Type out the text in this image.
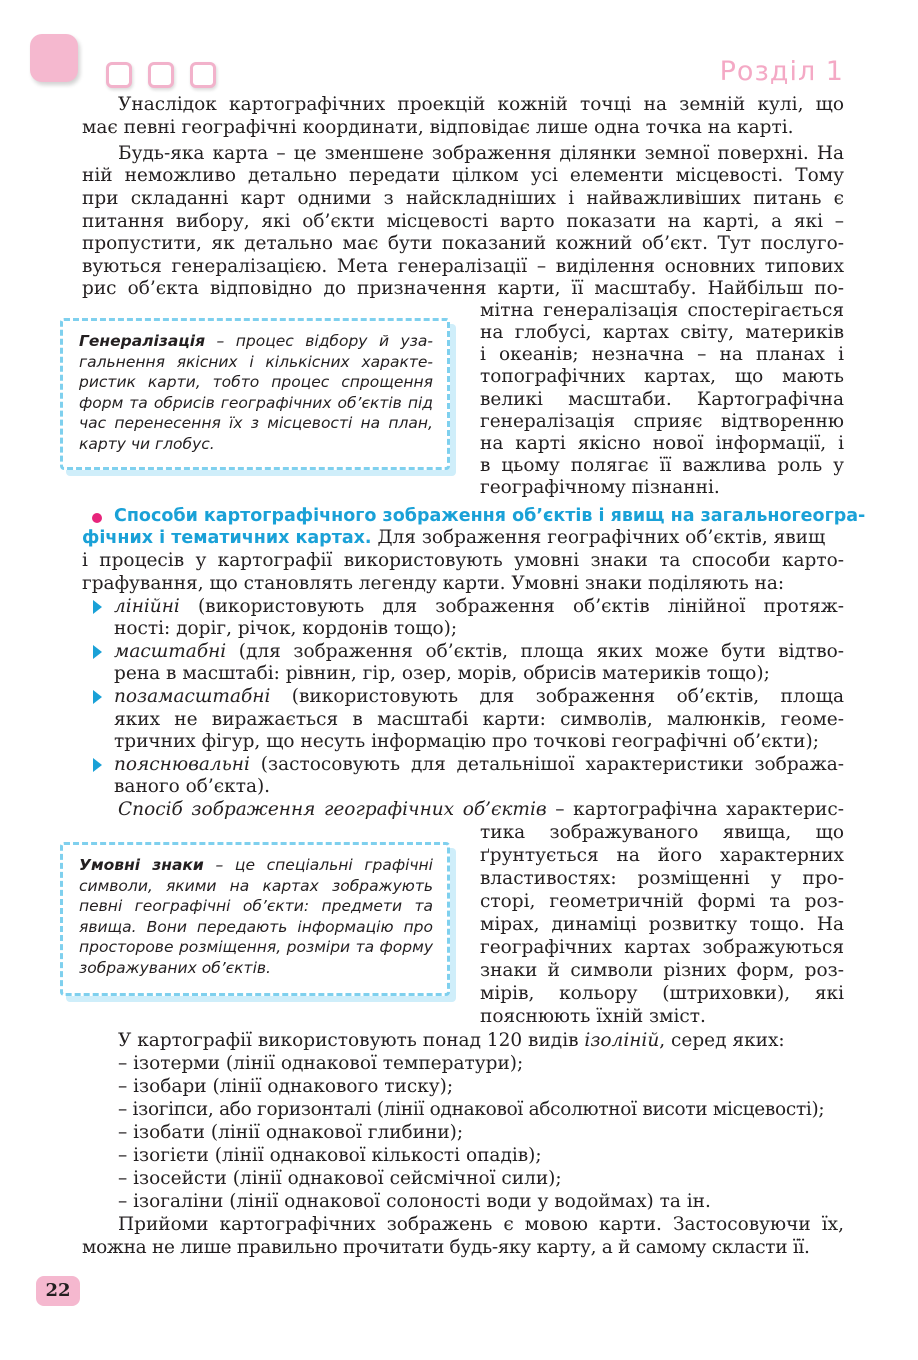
Розділ 1
Унаслідок картографічних проекцій кожній точці на земній кулі, що
має певні географічні координати, відповідає лише одна точка на карті.
Будь-яка карта – це зменшене зображення ділянки земної поверхні. На
ній неможливо детально передати цілком усі елементи місцевості. Тому
при складанні карт одними з найскладніших і найважливіших питань є
питання вибору, які об’єкти місцевості варто показати на карті, а які –
пропустити, як детально має бути показаний кожний об’єкт. Тут послуго-
вуються генералізацією. Мета генералізації – виділення основних типових
рис об’єкта відповідно до призначення карти, її масштабу. Найбільш по-
мітна генералізація спостерігається
на глобусі, картах світу, материків
і океанів; незначна – на планах і
топографічних картах, що мають
великі масштаби. Картографічна
генералізація сприяє відтворенню
на карті якісно нової інформації, і
в цьому полягає її важлива роль у
географічному пізнанні.
Генералізація – процес відбору й узагальнення якісних і кількісних характеристик карти, тобто процес спрощення форм та обрисів географічних об’єктів під час перенесення їх з місцевості на план, карту чи глобус.
Способи картографічного зображення об’єктів і явищ на загальногеогра-
фічних і тематичних картах. Для зображення географічних об’єктів, явищ
і процесів у картографії використовують умовні знаки та способи карто-
графування, що становлять легенду карти. Умовні знаки поділяють на:
лінійні (використовують для зображення об’єктів лінійної протяж-
ності: доріг, річок, кордонів тощо);
масштабні (для зображення об’єктів, площа яких може бути відтво-
рена в масштабі: рівнин, гір, озер, морів, обрисів материків тощо);
позамасштабні (використовують для зображення об’єктів, площа
яких не виражається в масштабі карти: символів, малюнків, геоме-
тричних фігур, що несуть інформацію про точкові географічні об’єкти);
пояснювальні (застосовують для детальнішої характеристики зобража-
ваного об’єкта).
Спосіб зображення географічних об’єктів – картографічна характерис-
тика зображуваного явища, що
ґрунтується на його характерних
властивостях: розміщенні у про-
сторі, геометричній формі та роз-
мірах, динаміці розвитку тощо. На
географічних картах зображуються
знаки й символи різних форм, роз-
мірів, кольору (штриховки), які
пояснюють їхній зміст.
Умовні знаки – це спеціальні графічні символи, якими на картах зображують певні географічні об’єкти: предмети та явища. Вони передають інформацію про просторове розміщення, розміри та форму зображуваних об’єктів.
У картографії використовують понад 120 видів ізоліній, серед яких:
– ізотерми (лінії однакової температури);
– ізобари (лінії однакового тиску);
– ізогіпси, або горизонталі (лінії однакової абсолютної висоти місцевості);
– ізобати (лінії однакової глибини);
– ізогієти (лінії однакової кількості опадів);
– ізосейсти (лінії однакової сейсмічної сили);
– ізогаліни (лінії однакової солоності води у водоймах) та ін.
Прийоми картографічних зображень є мовою карти. Застосовуючи їх,
можна не лише правильно прочитати будь-яку карту, а й самому скласти її.
22
